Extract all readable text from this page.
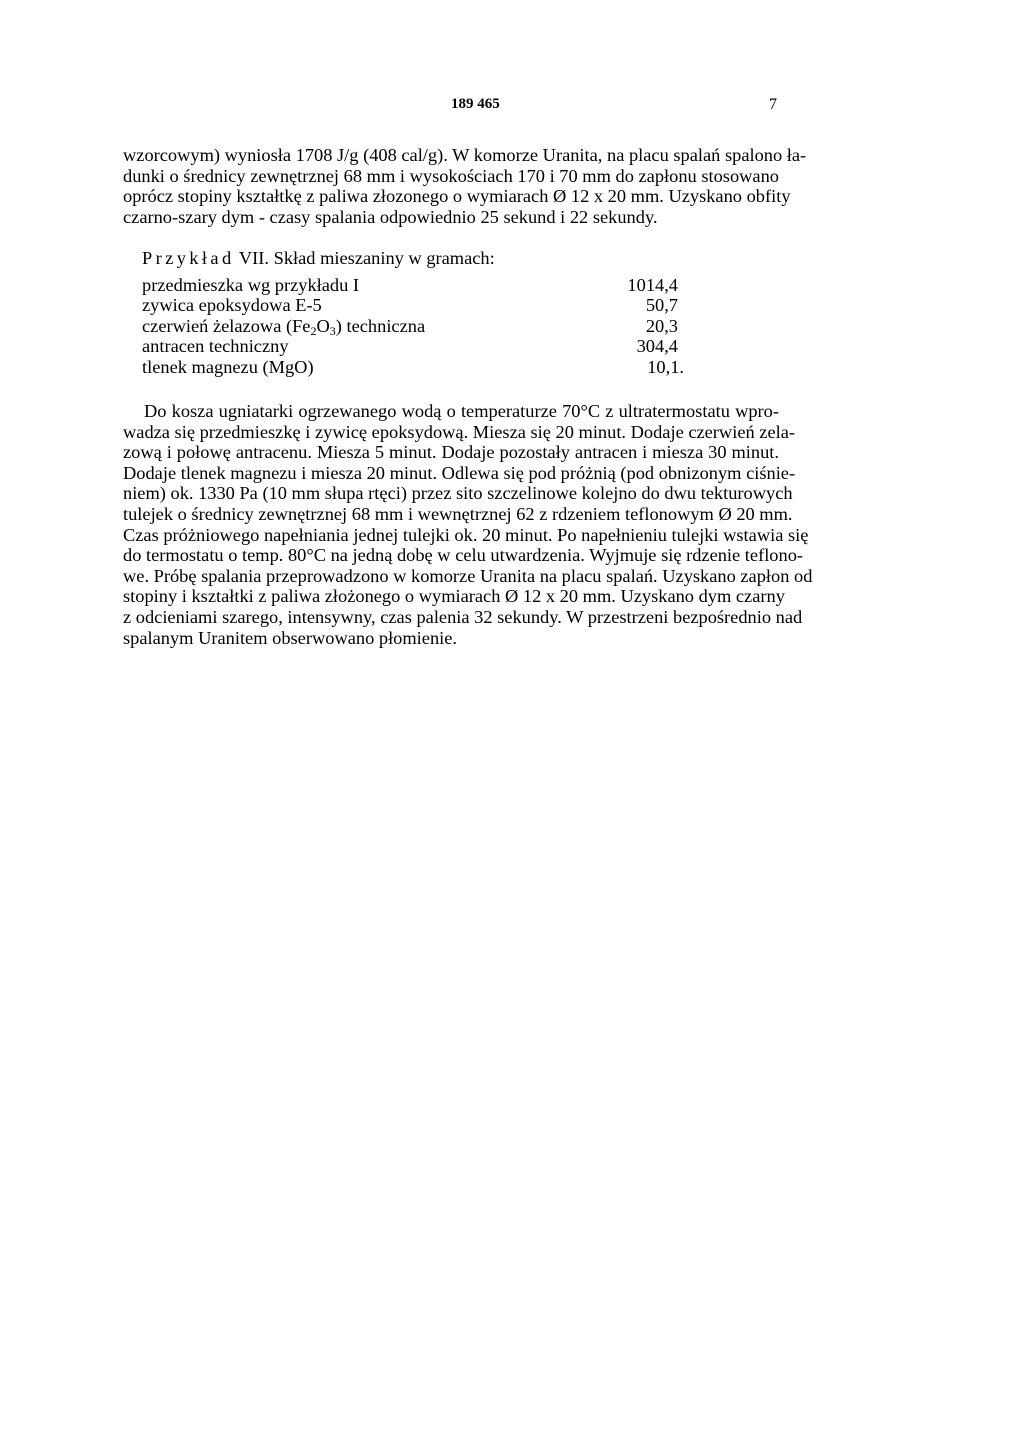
189 465	7
wzorcowym) wyniosła 1708 J/g (408 cal/g). W komorze Uranita, na placu spalań spalono ła-
dunki o średnicy zewnętrznej 68 mm i wysokościach 170 i 70 mm do zapłonu stosowano
oprócz stopiny kształtkę z paliwa złozonego o wymiarach Ø 12 x 20 mm. Uzyskano obfity
czarno-szary dym - czasy spalania odpowiednio 25 sekund i 22 sekundy.
Przykład VII. Skład mieszaniny w gramach:
przedmieszka wg przykładu I	1014,4
zywica epoksydowa E-5	50,7
czerwień żelazowa $(Fe_2O_3)$ techniczna	20,3
antracen techniczny	304,4
tlenek magnezu (MgO)	10,1.
Do kosza ugniatarki ogrzewanego wodą o temperaturze 70°C z ultratermostatu wpro-
wadza się przedmieszkę i zywicę epoksydową. Miesza się 20 minut. Dodaje czerwień zela-
zową i połowę antracenu. Miesza 5 minut. Dodaje pozostały antracen i miesza 30 minut.
Dodaje tlenek magnezu i miesza 20 minut. Odlewa się pod próżnią (pod obnizonym ciśnie-
niem) ok. 1330 Pa (10 mm słupa rtęci) przez sito szczelinowe kolejno do dwu tekturowych
tulejek o średnicy zewnętrznej 68 mm i wewnętrznej 62 z rdzeniem teflonowym Ø 20 mm.
Czas próżniowego napełniania jednej tulejki ok. 20 minut. Po napełnieniu tulejki wstawia się
do termostatu o temp. 80°C na jedną dobę w celu utwardzenia. Wyjmuje się rdzenie teflono-
we. Próbę spalania przeprowadzono w komorze Uranita na placu spalań. Uzyskano zapłon od
stopiny i kształtki z paliwa złożonego o wymiarach Ø 12 x 20 mm. Uzyskano dym czarny
z odcieniami szarego, intensywny, czas palenia 32 sekundy. W przestrzeni bezpośrednio nad
spalanym Uranitem obserwowano płomienie.
